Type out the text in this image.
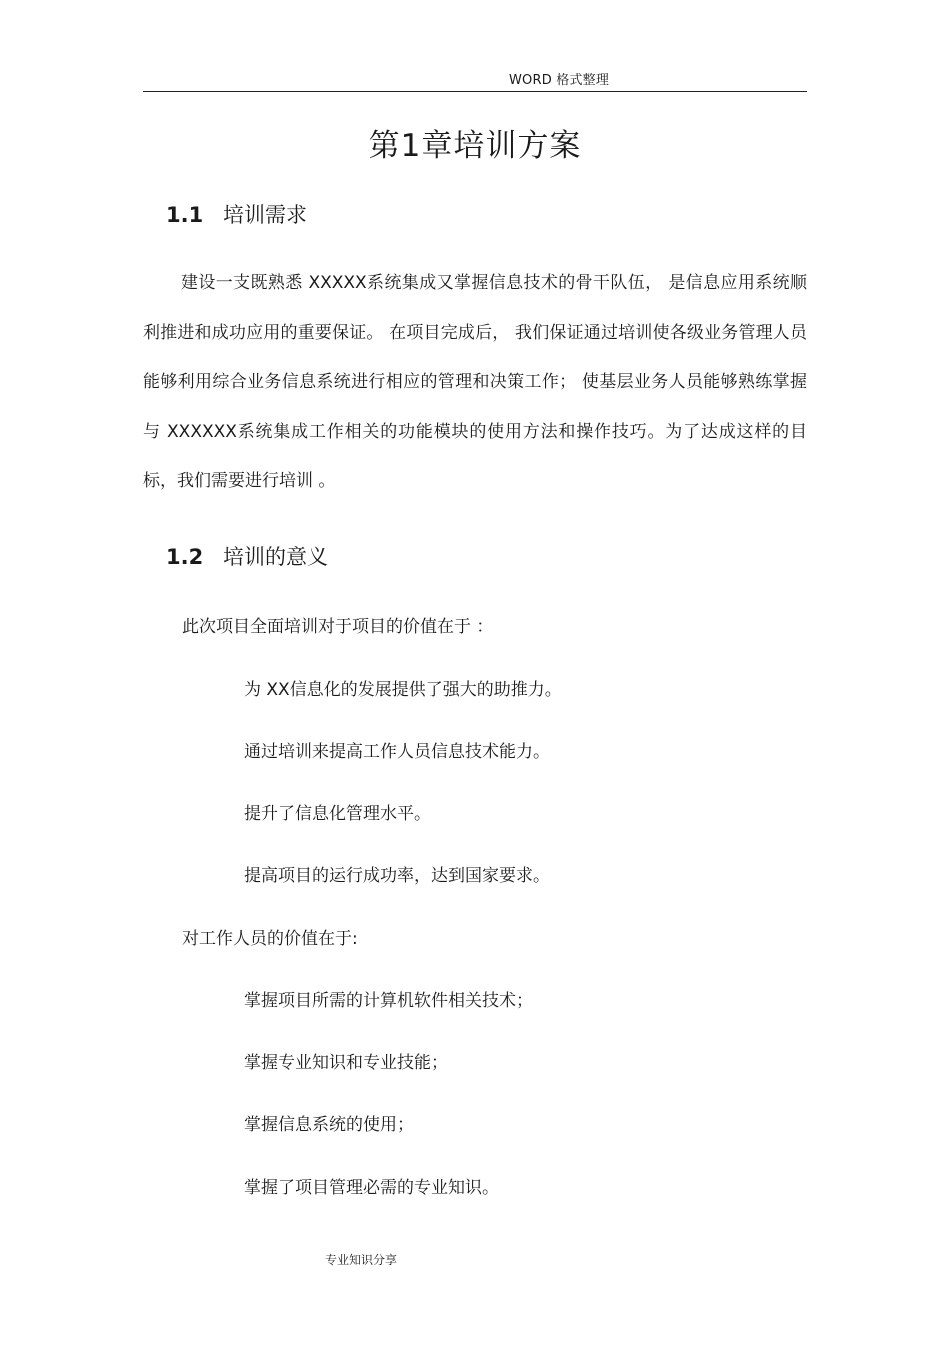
WORD 格式整理
第1章培训方案
1.1 培训需求

建设一支既熟悉 XXXXX系统集成又掌握信息技术的骨干队伍， 是信息应用系统顺利推进和成功应用的重要保证。 在项目完成后， 我们保证通过培训使各级业务管理人员能够利用综合业务信息系统进行相应的管理和决策工作； 使基层业务人员能够熟练掌握与 XXXXXX系统集成工作相关的功能模块的使用方法和操作技巧。为了达成这样的目标，我们需要进行培训 。

1.2 培训的意义
此次项目全面培训对于项目的价值在于 ：
为 XX信息化的发展提供了强大的助推力。
通过培训来提高工作人员信息技术能力。
提升了信息化管理水平。
提高项目的运行成功率，达到国家要求。
对工作人员的价值在于:
掌握项目所需的计算机软件相关技术；
掌握专业知识和专业技能；
掌握信息系统的使用；
掌握了项目管理必需的专业知识。
专业知识分享
